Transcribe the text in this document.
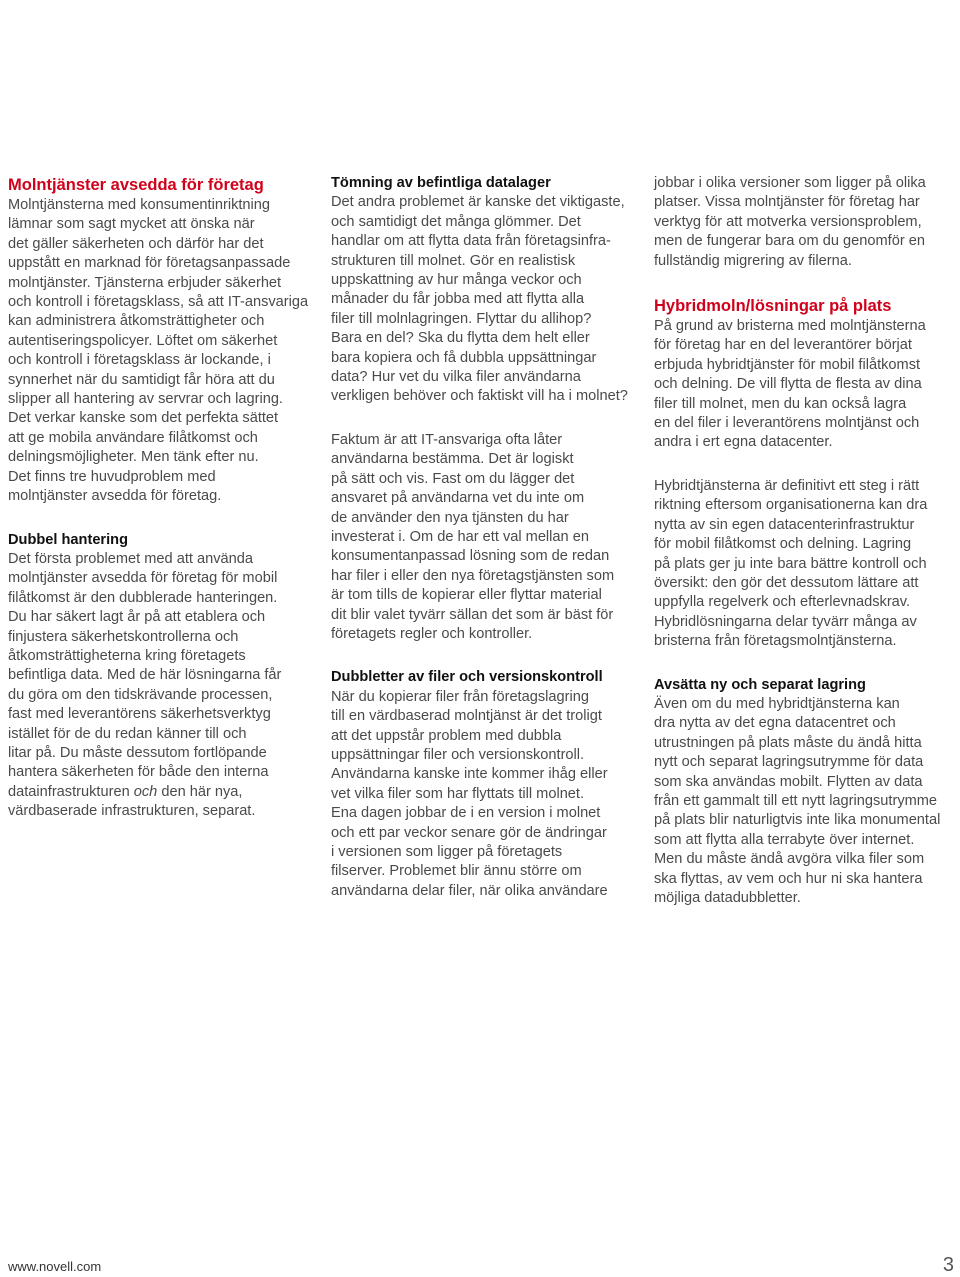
Molntjänster avsedda för företag
Molntjänsterna med konsumentinriktning
lämnar som sagt mycket att önska när
det gäller säkerheten och därför har det
uppstått en marknad för företagsanpassade
molntjänster. Tjänsterna erbjuder säkerhet
och kontroll i företagsklass, så att IT-ansvariga
kan administrera åtkomsträttigheter och
autentiseringspolicyer. Löftet om säkerhet
och kontroll i företagsklass är lockande, i
synnerhet när du samtidigt får höra att du
slipper all hantering av servrar och lagring.
Det verkar kanske som det perfekta sättet
att ge mobila användare filåtkomst och
delningsmöjligheter. Men tänk efter nu.
Det finns tre huvudproblem med
molntjänster avsedda för företag.
Dubbel hantering
Det första problemet med att använda
molntjänster avsedda för företag för mobil
filåtkomst är den dubblerade hanteringen.
Du har säkert lagt år på att etablera och
finjustera säkerhetskontrollerna och
åtkomsträttigheterna kring företagets
befintliga data. Med de här lösningarna får
du göra om den tidskrävande processen,
fast med leverantörens säkerhetsverktyg
istället för de du redan känner till och
litar på. Du måste dessutom fortlöpande
hantera säkerheten för både den interna
datainfrastrukturen och den här nya,
värdbaserade infrastrukturen, separat.
Tömning av befintliga datalager
Det andra problemet är kanske det viktigaste,
och samtidigt det många glömmer. Det
handlar om att flytta data från företagsinfra-
strukturen till molnet. Gör en realistisk
uppskattning av hur många veckor och
månader du får jobba med att flytta alla
filer till molnlagringen. Flyttar du allihop?
Bara en del? Ska du flytta dem helt eller
bara kopiera och få dubbla uppsättningar
data? Hur vet du vilka filer användarna
verkligen behöver och faktiskt vill ha i molnet?
Faktum är att IT-ansvariga ofta låter
användarna bestämma. Det är logiskt
på sätt och vis. Fast om du lägger det
ansvaret på användarna vet du inte om
de använder den nya tjänsten du har
investerat i. Om de har ett val mellan en
konsumentanpassad lösning som de redan
har filer i eller den nya företagstjänsten som
är tom tills de kopierar eller flyttar material
dit blir valet tyvärr sällan det som är bäst för
företagets regler och kontroller.
Dubbletter av filer och versionskontroll
När du kopierar filer från företagslagring
till en värdbaserad molntjänst är det troligt
att det uppstår problem med dubbla
uppsättningar filer och versionskontroll.
Användarna kanske inte kommer ihåg eller
vet vilka filer som har flyttats till molnet.
Ena dagen jobbar de i en version i molnet
och ett par veckor senare gör de ändringar
i versionen som ligger på företagets
filserver. Problemet blir ännu större om
användarna delar filer, när olika användare
jobbar i olika versioner som ligger på olika
platser. Vissa molntjänster för företag har
verktyg för att motverka versionsproblem,
men de fungerar bara om du genomför en
fullständig migrering av filerna.
Hybridmoln/lösningar på plats
På grund av bristerna med molntjänsterna
för företag har en del leverantörer börjat
erbjuda hybridtjänster för mobil filåtkomst
och delning. De vill flytta de flesta av dina
filer till molnet, men du kan också lagra
en del filer i leverantörens molntjänst och
andra i ert egna datacenter.
Hybridtjänsterna är definitivt ett steg i rätt
riktning eftersom organisationerna kan dra
nytta av sin egen datacenterinfrastruktur
för mobil filåtkomst och delning. Lagring
på plats ger ju inte bara bättre kontroll och
översikt: den gör det dessutom lättare att
uppfylla regelverk och efterlevnadskrav.
Hybridlösningarna delar tyvärr många av
bristerna från företagsmolntjänsterna.
Avsätta ny och separat lagring
Även om du med hybridtjänsterna kan
dra nytta av det egna datacentret och
utrustningen på plats måste du ändå hitta
nytt och separat lagringsutrymme för data
som ska användas mobilt. Flytten av data
från ett gammalt till ett nytt lagringsutrymme
på plats blir naturligtvis inte lika monumental
som att flytta alla terrabyte över internet.
Men du måste ändå avgöra vilka filer som
ska flyttas, av vem och hur ni ska hantera
möjliga datadubbletter.
www.novell.com	3
